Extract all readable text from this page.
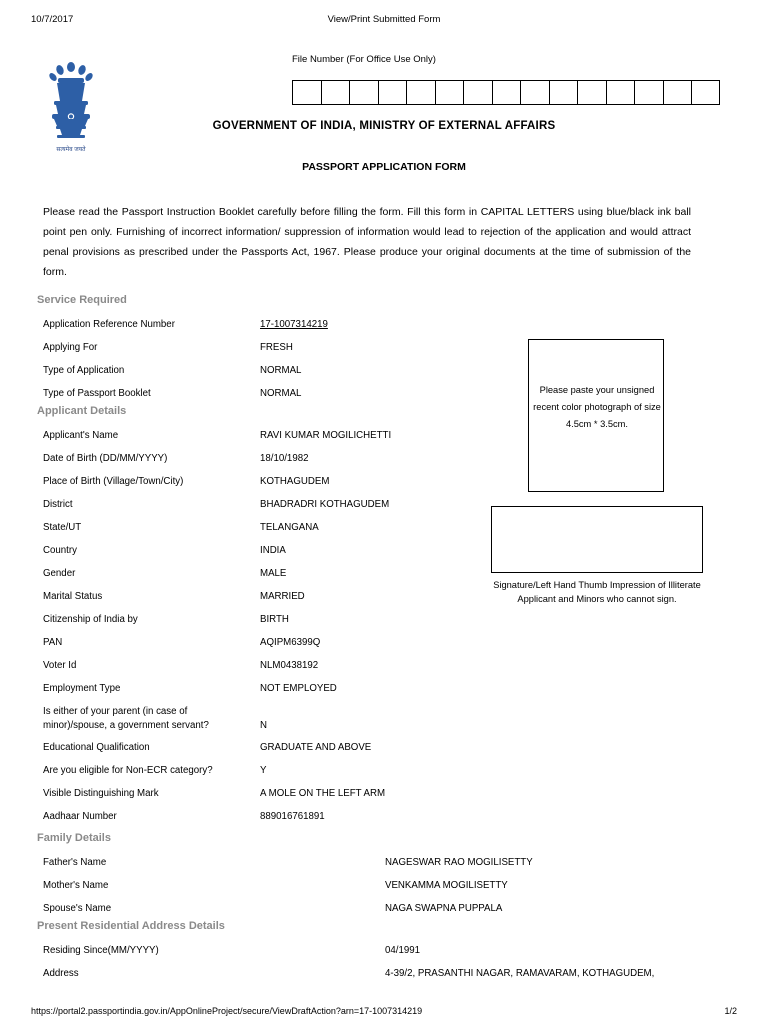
10/7/2017	View/Print Submitted Form
सत्यमेव जयते
File Number (For Office Use Only)
GOVERNMENT OF INDIA, MINISTRY OF EXTERNAL AFFAIRS
PASSPORT APPLICATION FORM
Please read the Passport Instruction Booklet carefully before filling the form. Fill this form in CAPITAL LETTERS using blue/black ink ball point pen only. Furnishing of incorrect information/ suppression of information would lead to rejection of the application and would attract penal provisions as prescribed under the Passports Act, 1967. Please produce your original documents at the time of submission of the form.
Please paste your unsigned recent color photograph of size 4.5cm * 3.5cm.
Signature/Left Hand Thumb Impression of Illiterate Applicant and Minors who cannot sign.
Service Required
Application Reference Number	17-1007314219
Applying For	FRESH
Type of Application	NORMAL
Type of Passport Booklet	NORMAL
Applicant Details
Applicant's Name	RAVI KUMAR MOGILICHETTI
Date of Birth (DD/MM/YYYY)	18/10/1982
Place of Birth (Village/Town/City)	KOTHAGUDEM
District	BHADRADRI KOTHAGUDEM
State/UT	TELANGANA
Country	INDIA
Gender	MALE
Marital Status	MARRIED
Citizenship of India by	BIRTH
PAN	AQIPM6399Q
Voter Id	NLM0438192
Employment Type	NOT EMPLOYED
Is either of your parent (in case of minor)/spouse, a government servant?	N
Educational Qualification	GRADUATE AND ABOVE
Are you eligible for Non-ECR category?	Y
Visible Distinguishing Mark	A MOLE ON THE LEFT ARM
Aadhaar Number	889016761891
Family Details
Father's Name	NAGESWAR RAO MOGILISETTY
Mother's Name	VENKAMMA MOGILISETTY
Spouse's Name	NAGA SWAPNA PUPPALA
Present Residential Address Details
Residing Since(MM/YYYY)	04/1991
Address	4-39/2, PRASANTHI NAGAR, RAMAVARAM, KOTHAGUDEM,
https://portal2.passportindia.gov.in/AppOnlineProject/secure/ViewDraftAction?arn=17-1007314219	1/2
